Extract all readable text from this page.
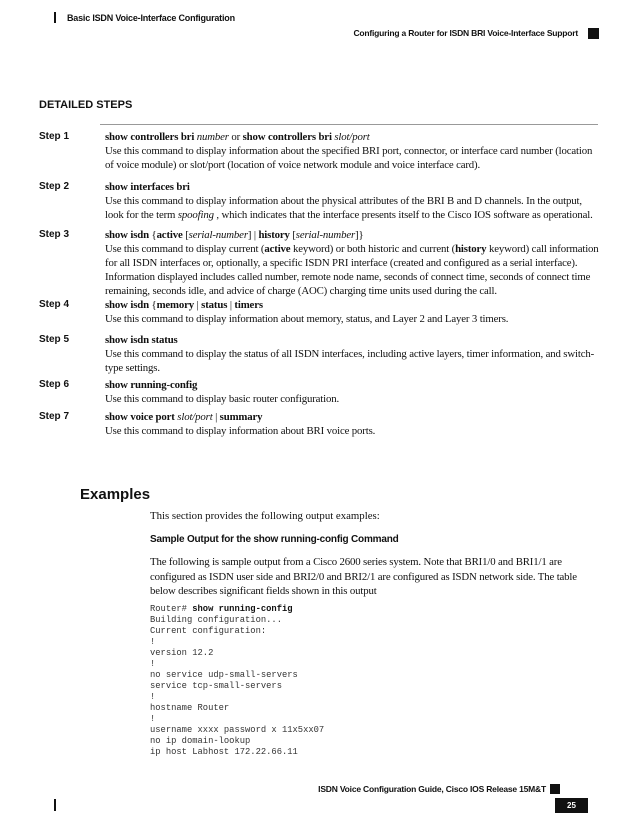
Basic ISDN Voice-Interface Configuration
Configuring a Router for ISDN BRI Voice-Interface Support
DETAILED STEPS
Step 1	show controllers bri number or show controllers bri slot/port
Use this command to display information about the specified BRI port, connector, or interface card number (location of voice module) or slot/port (location of voice network module and voice interface card).
Step 2	show interfaces bri
Use this command to display information about the physical attributes of the BRI B and D channels. In the output, look for the term spoofing , which indicates that the interface presents itself to the Cisco IOS software as operational.
Step 3	show isdn {active [serial-number] | history [serial-number]}
Use this command to display current (active keyword) or both historic and current (history keyword) call information for all ISDN interfaces or, optionally, a specific ISDN PRI interface (created and configured as a serial interface). Information displayed includes called number, remote node name, seconds of connect time, seconds of connect time remaining, seconds idle, and advice of charge (AOC) charging time units used during the call.
Step 4	show isdn {memory | status | timers
Use this command to display information about memory, status, and Layer 2 and Layer 3 timers.
Step 5	show isdn status
Use this command to display the status of all ISDN interfaces, including active layers, timer information, and switch-type settings.
Step 6	show running-config
Use this command to display basic router configuration.
Step 7	show voice port slot/port | summary
Use this command to display information about BRI voice ports.
Examples
This section provides the following output examples:
Sample Output for the show running-config Command
The following is sample output from a Cisco 2600 series system. Note that BRI1/0 and BRI1/1 are configured as ISDN user side and BRI2/0 and BRI2/1 are configured as ISDN network side. The table below describes significant fields shown in this output
Router# show running-config
Building configuration...
Current configuration:
!
version 12.2
!
no service udp-small-servers
service tcp-small-servers
!
hostname Router
!
username xxxx password x 11x5xx07
no ip domain-lookup
ip host Labhost 172.22.66.11
ISDN Voice Configuration Guide, Cisco IOS Release 15M&T
25
